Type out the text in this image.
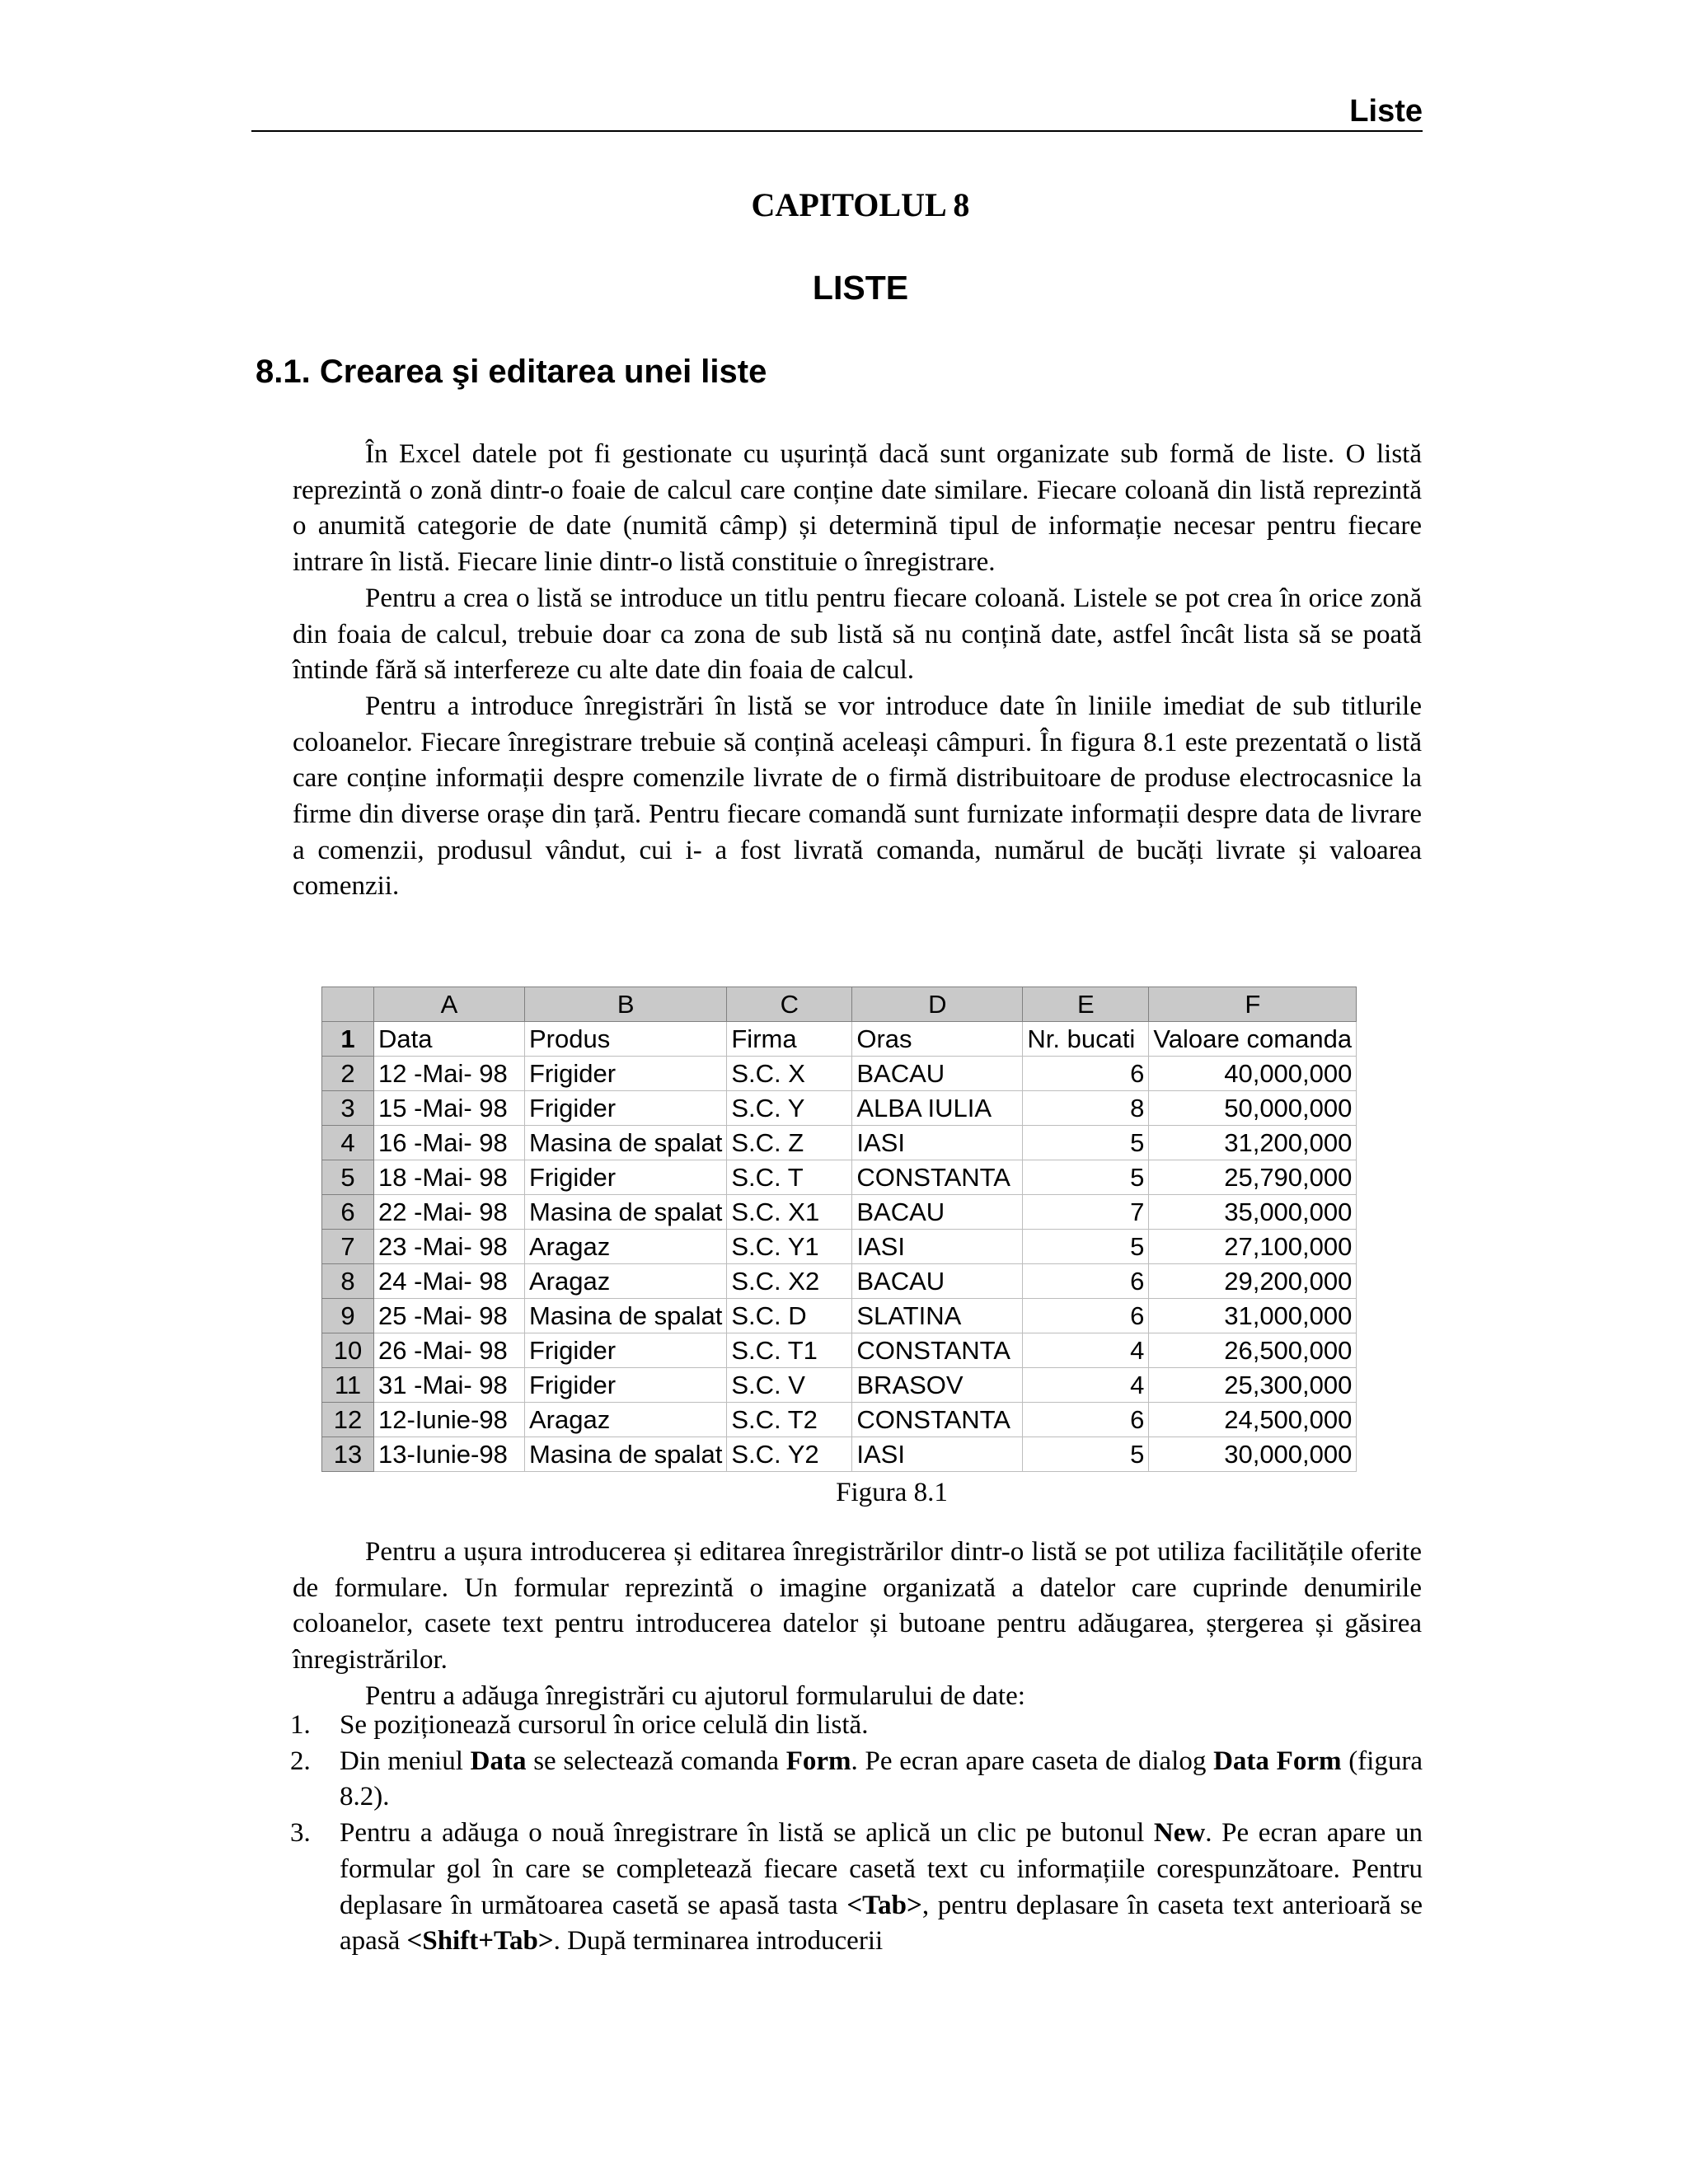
Liste
CAPITOLUL 8
LISTE
8.1. Crearea şi editarea unei liste

În Excel datele pot fi gestionate cu ușurință dacă sunt organizate sub formă de liste. O listă reprezintă o zonă dintr-o foaie de calcul care conține date similare. Fiecare coloană din listă reprezintă o anumită categorie de date (numită câmp) și determină tipul de informație necesar pentru fiecare intrare în listă. Fiecare linie dintr-o listă constituie o înregistrare.

Pentru a crea o listă se introduce un titlu pentru fiecare coloană. Listele se pot crea în orice zonă din foaia de calcul, trebuie doar ca zona de sub listă să nu conțină date, astfel încât lista să se poată întinde fără să interfereze cu alte date din foaia de calcul.

Pentru a introduce înregistrări în listă se vor introduce date în liniile imediat de sub titlurile coloanelor. Fiecare înregistrare trebuie să conțină aceleași câmpuri. În figura 8.1 este prezentată o listă care conține informații despre comenzile livrate de o firmă distribuitoare de produse electrocasnice la firme din diverse orașe din țară. Pentru fiecare comandă sunt furnizate informații despre data de livrare a comenzii, produsul vândut, cui i- a fost livrată comanda, numărul de bucăți livrate și valoarea comenzii.

	A	B	C	D	E	F
1	Data	Produs	Firma	Oras	Nr. bucati	Valoare comanda
2	12 -Mai- 98	Frigider	S.C. X	BACAU	6	40,000,000
3	15 -Mai- 98	Frigider	S.C. Y	ALBA IULIA	8	50,000,000
4	16 -Mai- 98	Masina de spalat	S.C. Z	IASI	5	31,200,000
5	18 -Mai- 98	Frigider	S.C. T	CONSTANTA	5	25,790,000
6	22 -Mai- 98	Masina de spalat	S.C. X1	BACAU	7	35,000,000
7	23 -Mai- 98	Aragaz	S.C. Y1	IASI	5	27,100,000
8	24 -Mai- 98	Aragaz	S.C. X2	BACAU	6	29,200,000
9	25 -Mai- 98	Masina de spalat	S.C. D	SLATINA	6	31,000,000
10	26 -Mai- 98	Frigider	S.C. T1	CONSTANTA	4	26,500,000
11	31 -Mai- 98	Frigider	S.C. V	BRASOV	4	25,300,000
12	12-Iunie-98	Aragaz	S.C. T2	CONSTANTA	6	24,500,000
13	13-Iunie-98	Masina de spalat	S.C. Y2	IASI	5	30,000,000
Figura 8.1

Pentru a ușura introducerea și editarea înregistrărilor dintr-o listă se pot utiliza facilitățile oferite de formulare. Un formular reprezintă o imagine organizată a datelor care cuprinde denumirile coloanelor, casete text pentru introducerea datelor și butoane pentru adăugarea, ștergerea și găsirea înregistrărilor.

Pentru a adăuga înregistrări cu ajutorul formularului de date:

1. Se poziționează cursorul în orice celulă din listă.
2. Din meniul Data se selectează comanda Form. Pe ecran apare caseta de dialog Data Form (figura 8.2).
3. Pentru a adăuga o nouă înregistrare în listă se aplică un clic pe butonul New. Pe ecran apare un formular gol în care se completează fiecare casetă text cu informațiile corespunzătoare. Pentru deplasare în următoarea casetă se apasă tasta <Tab>, pentru deplasare în caseta text anterioară se apasă <Shift+Tab>. După terminarea introducerii
